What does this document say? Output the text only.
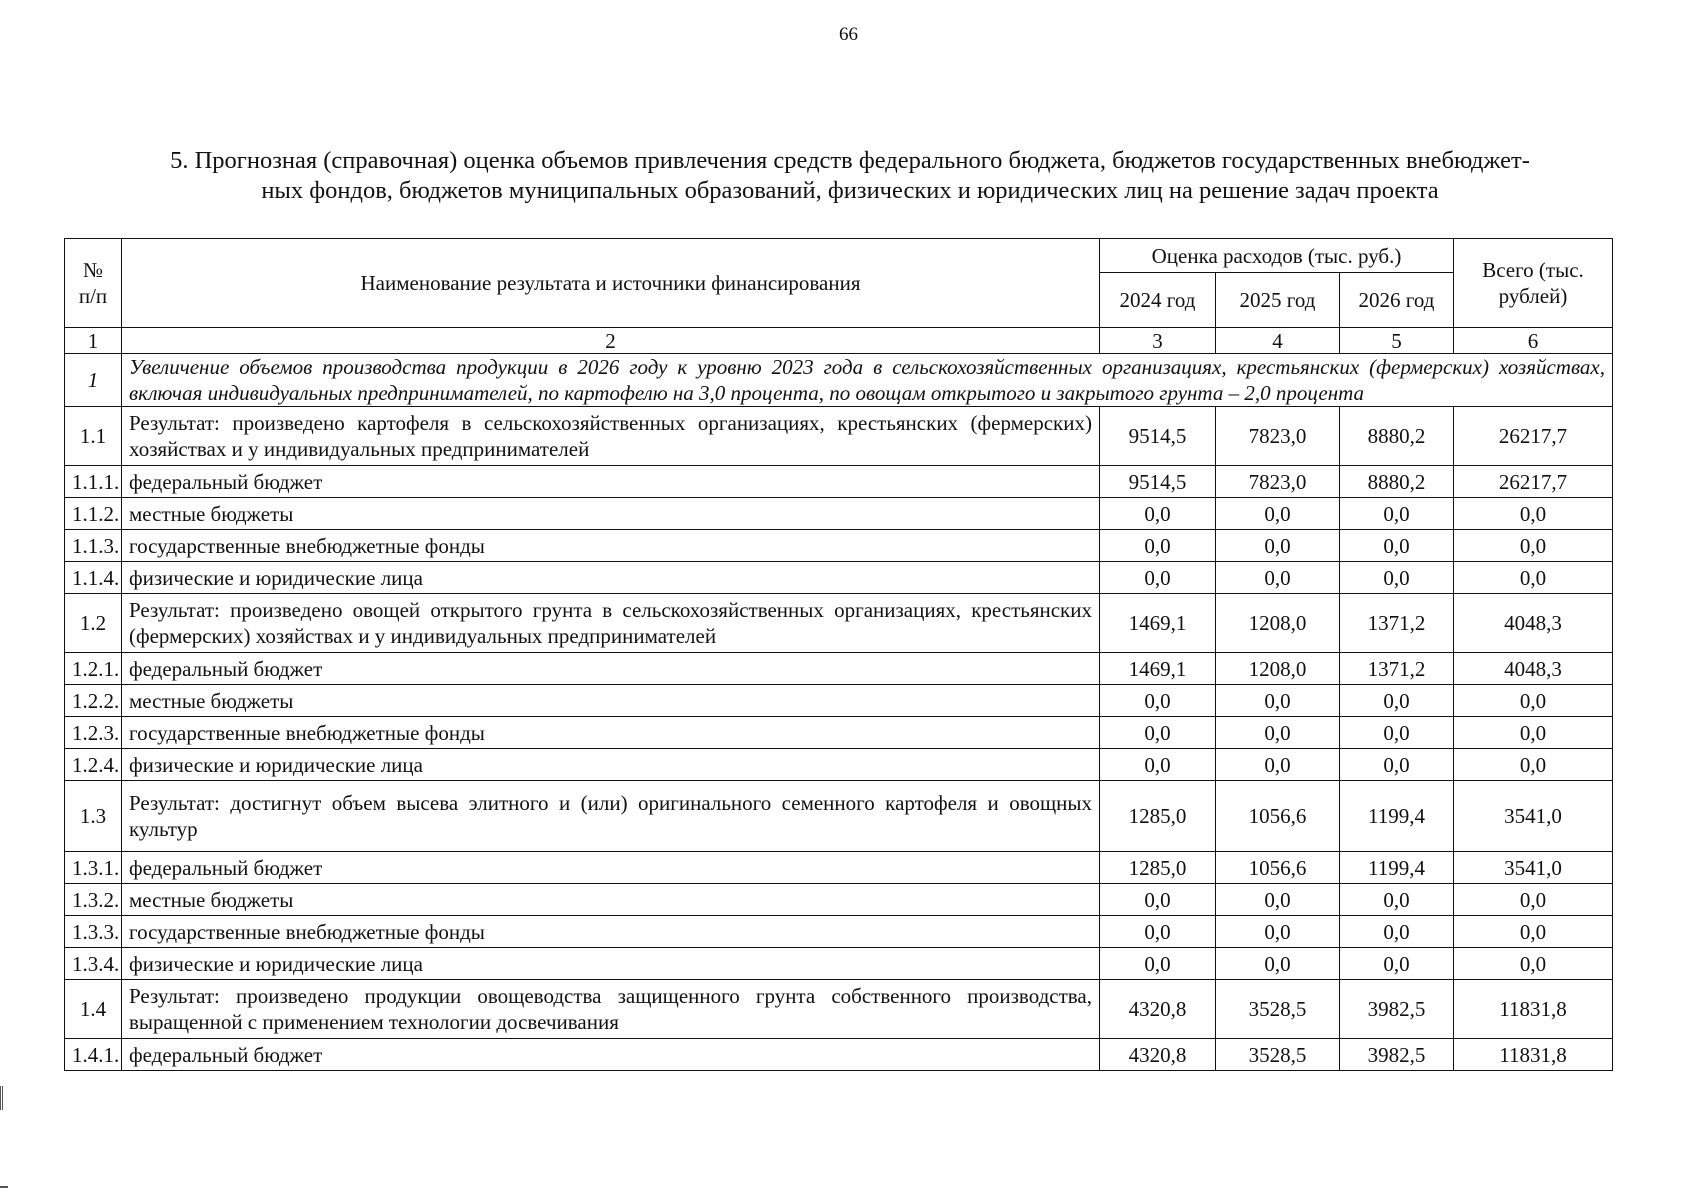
66
5. Прогнозная (справочная) оценка объемов привлечения средств федерального бюджета, бюджетов государственных внебюджет-
ных фондов, бюджетов муниципальных образований, физических и юридических лиц на решение задач проекта
№ п/п	Наименование результата и источники финансирования	Оценка расходов (тыс. руб.)			Всего (тыс. рублей)
		2024 год	2025 год	2026 год	
1	2	3	4	5	6
1	Увеличение объемов производства продукции в 2026 году к уровню 2023 года в сельскохозяйственных организациях, крестьянских (фермерских) хозяйствах, включая индивидуальных предпринимателей, по картофелю на 3,0 процента, по овощам открытого и закрытого грунта – 2,0 процента				
1.1	Результат: произведено картофеля в сельскохозяйственных организациях, крестьянских (фермерских) хозяйствах и у индивидуальных предпринимателей	9514,5	7823,0	8880,2	26217,7
1.1.1.	федеральный бюджет	9514,5	7823,0	8880,2	26217,7
1.1.2.	местные бюджеты	0,0	0,0	0,0	0,0
1.1.3.	государственные внебюджетные фонды	0,0	0,0	0,0	0,0
1.1.4.	физические и юридические лица	0,0	0,0	0,0	0,0
1.2	Результат: произведено овощей открытого грунта в сельскохозяйственных организациях, крестьянских (фермерских) хозяйствах и у индивидуальных предпринимателей	1469,1	1208,0	1371,2	4048,3
1.2.1.	федеральный бюджет	1469,1	1208,0	1371,2	4048,3
1.2.2.	местные бюджеты	0,0	0,0	0,0	0,0
1.2.3.	государственные внебюджетные фонды	0,0	0,0	0,0	0,0
1.2.4.	физические и юридические лица	0,0	0,0	0,0	0,0
1.3	Результат: достигнут объем высева элитного и (или) оригинального семенного картофеля и овощных культур	1285,0	1056,6	1199,4	3541,0
1.3.1.	федеральный бюджет	1285,0	1056,6	1199,4	3541,0
1.3.2.	местные бюджеты	0,0	0,0	0,0	0,0
1.3.3.	государственные внебюджетные фонды	0,0	0,0	0,0	0,0
1.3.4.	физические и юридические лица	0,0	0,0	0,0	0,0
1.4	Результат: произведено продукции овощеводства защищенного грунта собственного производства, выращенной с применением технологии досвечивания	4320,8	3528,5	3982,5	11831,8
1.4.1.	федеральный бюджет	4320,8	3528,5	3982,5	11831,8
